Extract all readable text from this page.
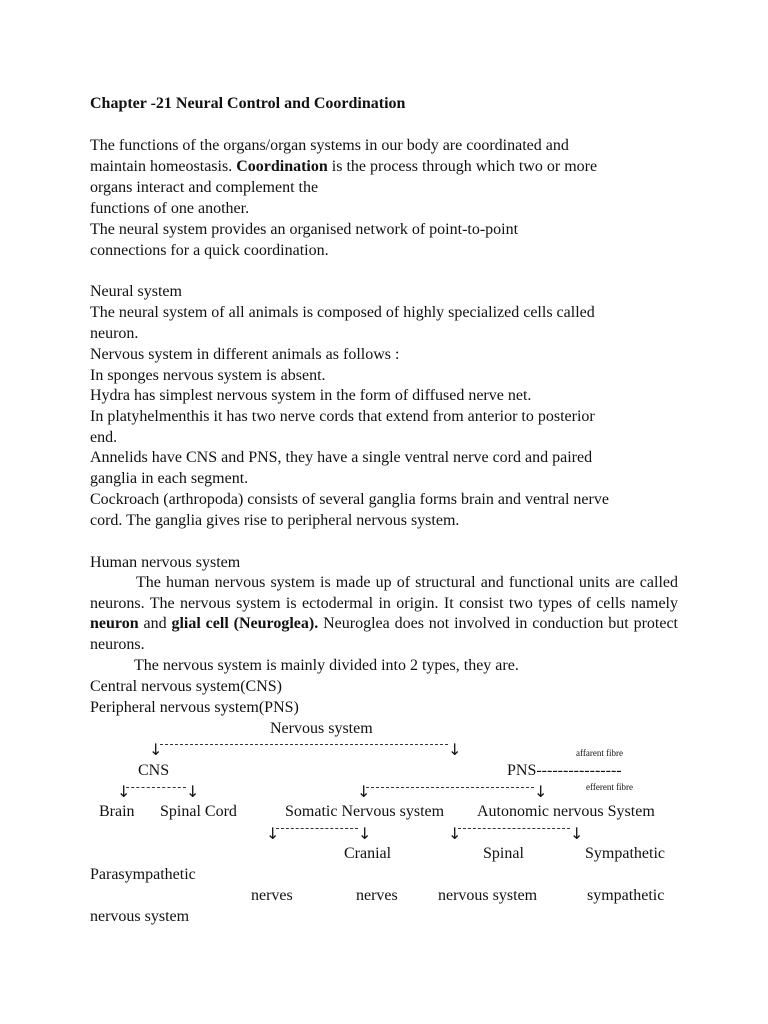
Chapter -21 Neural Control and Coordination
The functions of the organs/organ systems in our body are coordinated and
maintain homeostasis. Coordination is the process through which two or more
organs interact and complement the
functions of one another.
The neural system provides an organised network of point-to-point
connections for a quick coordination.
Neural system
The neural system of all animals is composed of highly specialized cells called
neuron.
Nervous system in different animals as follows :
In sponges nervous system is absent.
Hydra has simplest nervous system in the form of diffused nerve net.
In platyhelmenthis it has two nerve cords that extend from anterior to posterior
end.
Annelids have CNS and PNS, they have a single ventral nerve cord and paired
ganglia in each segment.
Cockroach (arthropoda) consists of several ganglia forms brain and ventral nerve
cord. The ganglia gives rise to peripheral nervous system.
Human nervous system
The human nervous system is made up of structural and functional units are called neurons. The nervous system is ectodermal in origin. It consist two types of cells namely neuron and glial cell (Neuroglea). Neuroglea does not involved in conduction but protect neurons.
The nervous system is mainly divided into 2 types, they are.
Central nervous system(CNS)
Peripheral nervous system(PNS)
Nervous system
↓	↓	affarent fibre
CNS	PNS----------------
efferent fibre
↓	↓	↓	↓
Brain Spinal Cord	Somatic Nervous system Autonomic nervous System
↓	↓	↓	↓
Cranial	Spinal	Sympathetic
Parasympathetic
nerves	nerves	nervous system	sympathetic
nervous system
